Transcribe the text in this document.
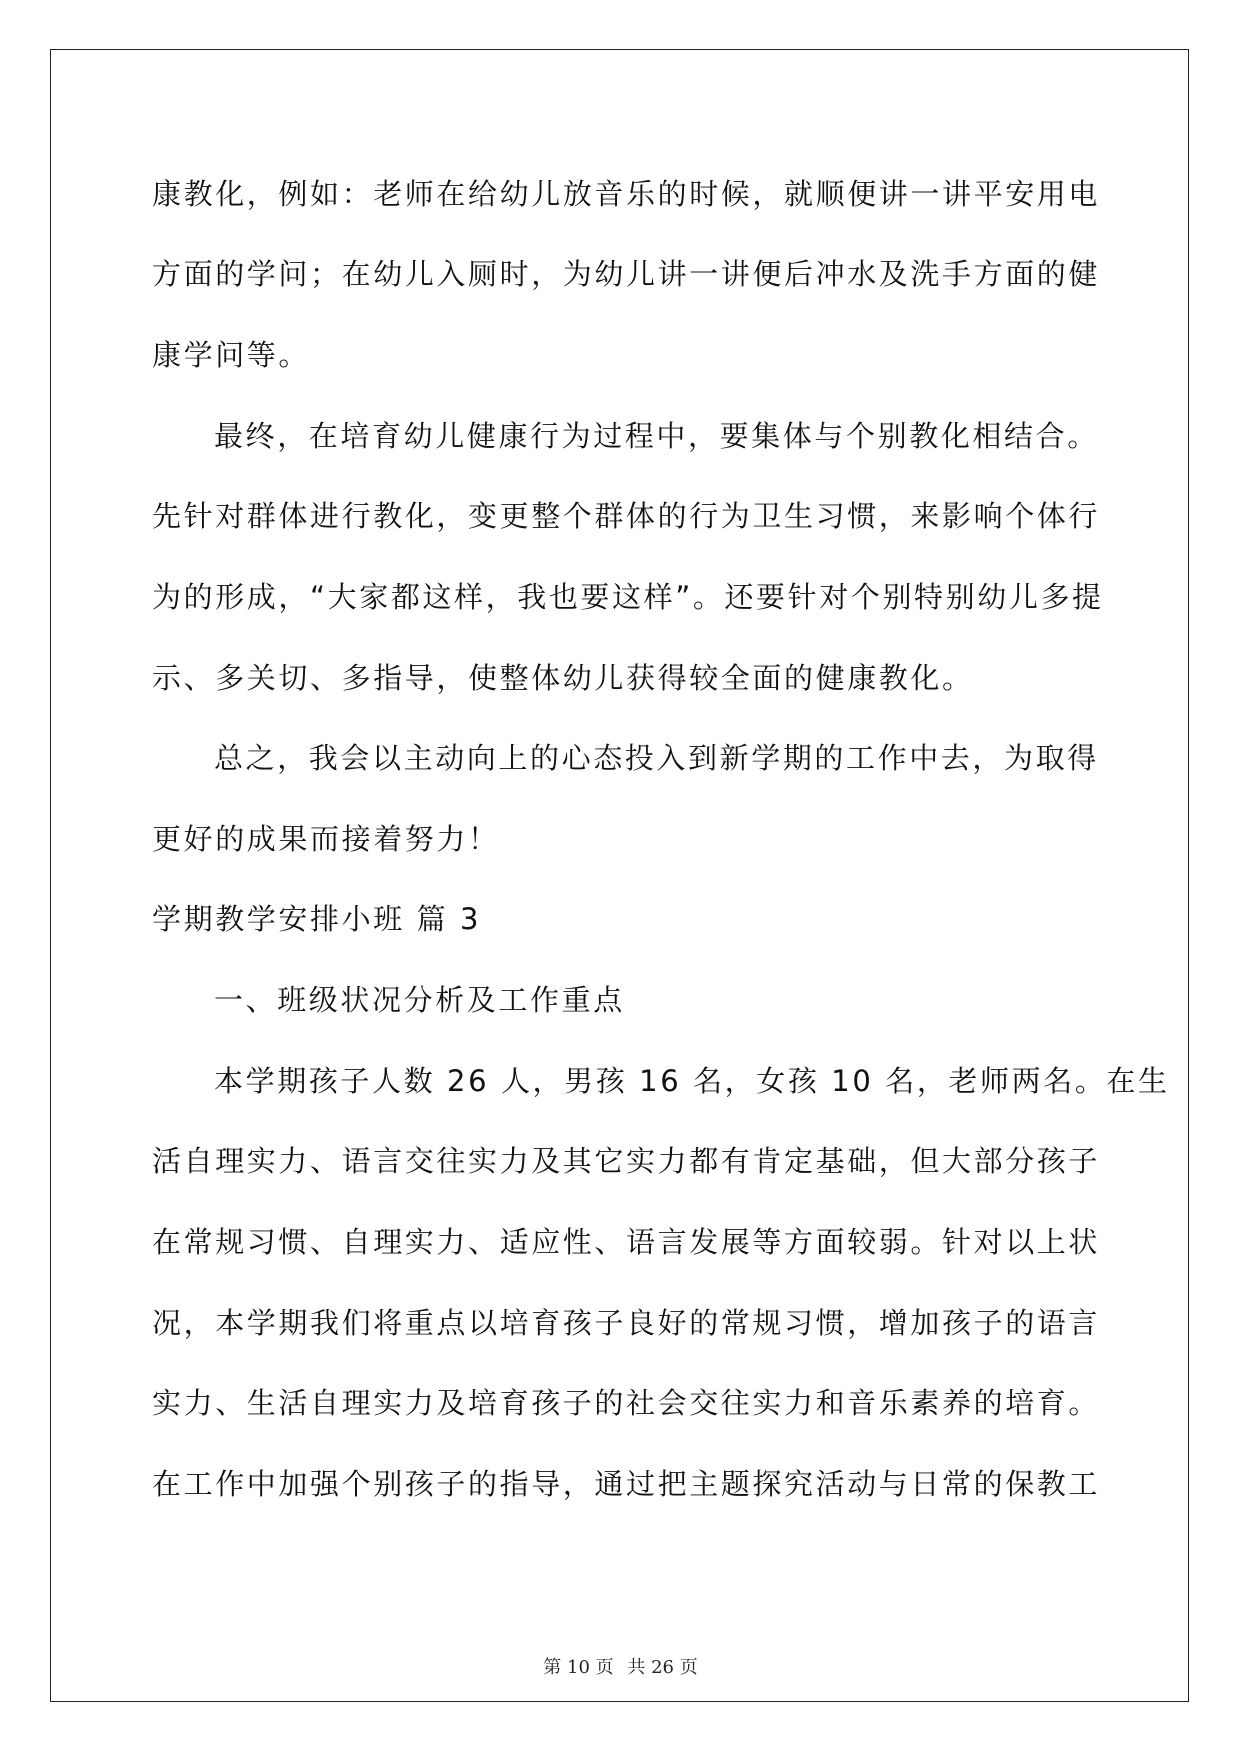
康教化，例如：老师在给幼儿放音乐的时候，就顺便讲一讲平安用电
方面的学问；在幼儿入厕时，为幼儿讲一讲便后冲水及洗手方面的健
康学问等。
最终，在培育幼儿健康行为过程中，要集体与个别教化相结合。
先针对群体进行教化，变更整个群体的行为卫生习惯，来影响个体行
为的形成，“大家都这样，我也要这样”。还要针对个别特别幼儿多提
示、多关切、多指导，使整体幼儿获得较全面的健康教化。
总之，我会以主动向上的心态投入到新学期的工作中去，为取得
更好的成果而接着努力！
学期教学安排小班 篇 3
一、班级状况分析及工作重点
本学期孩子人数 26 人，男孩 16 名，女孩 10 名，老师两名。在生
活自理实力、语言交往实力及其它实力都有肯定基础，但大部分孩子
在常规习惯、自理实力、适应性、语言发展等方面较弱。针对以上状
况，本学期我们将重点以培育孩子良好的常规习惯，增加孩子的语言
实力、生活自理实力及培育孩子的社会交往实力和音乐素养的培育。
在工作中加强个别孩子的指导，通过把主题探究活动与日常的保教工
第 10 页 共 26 页
